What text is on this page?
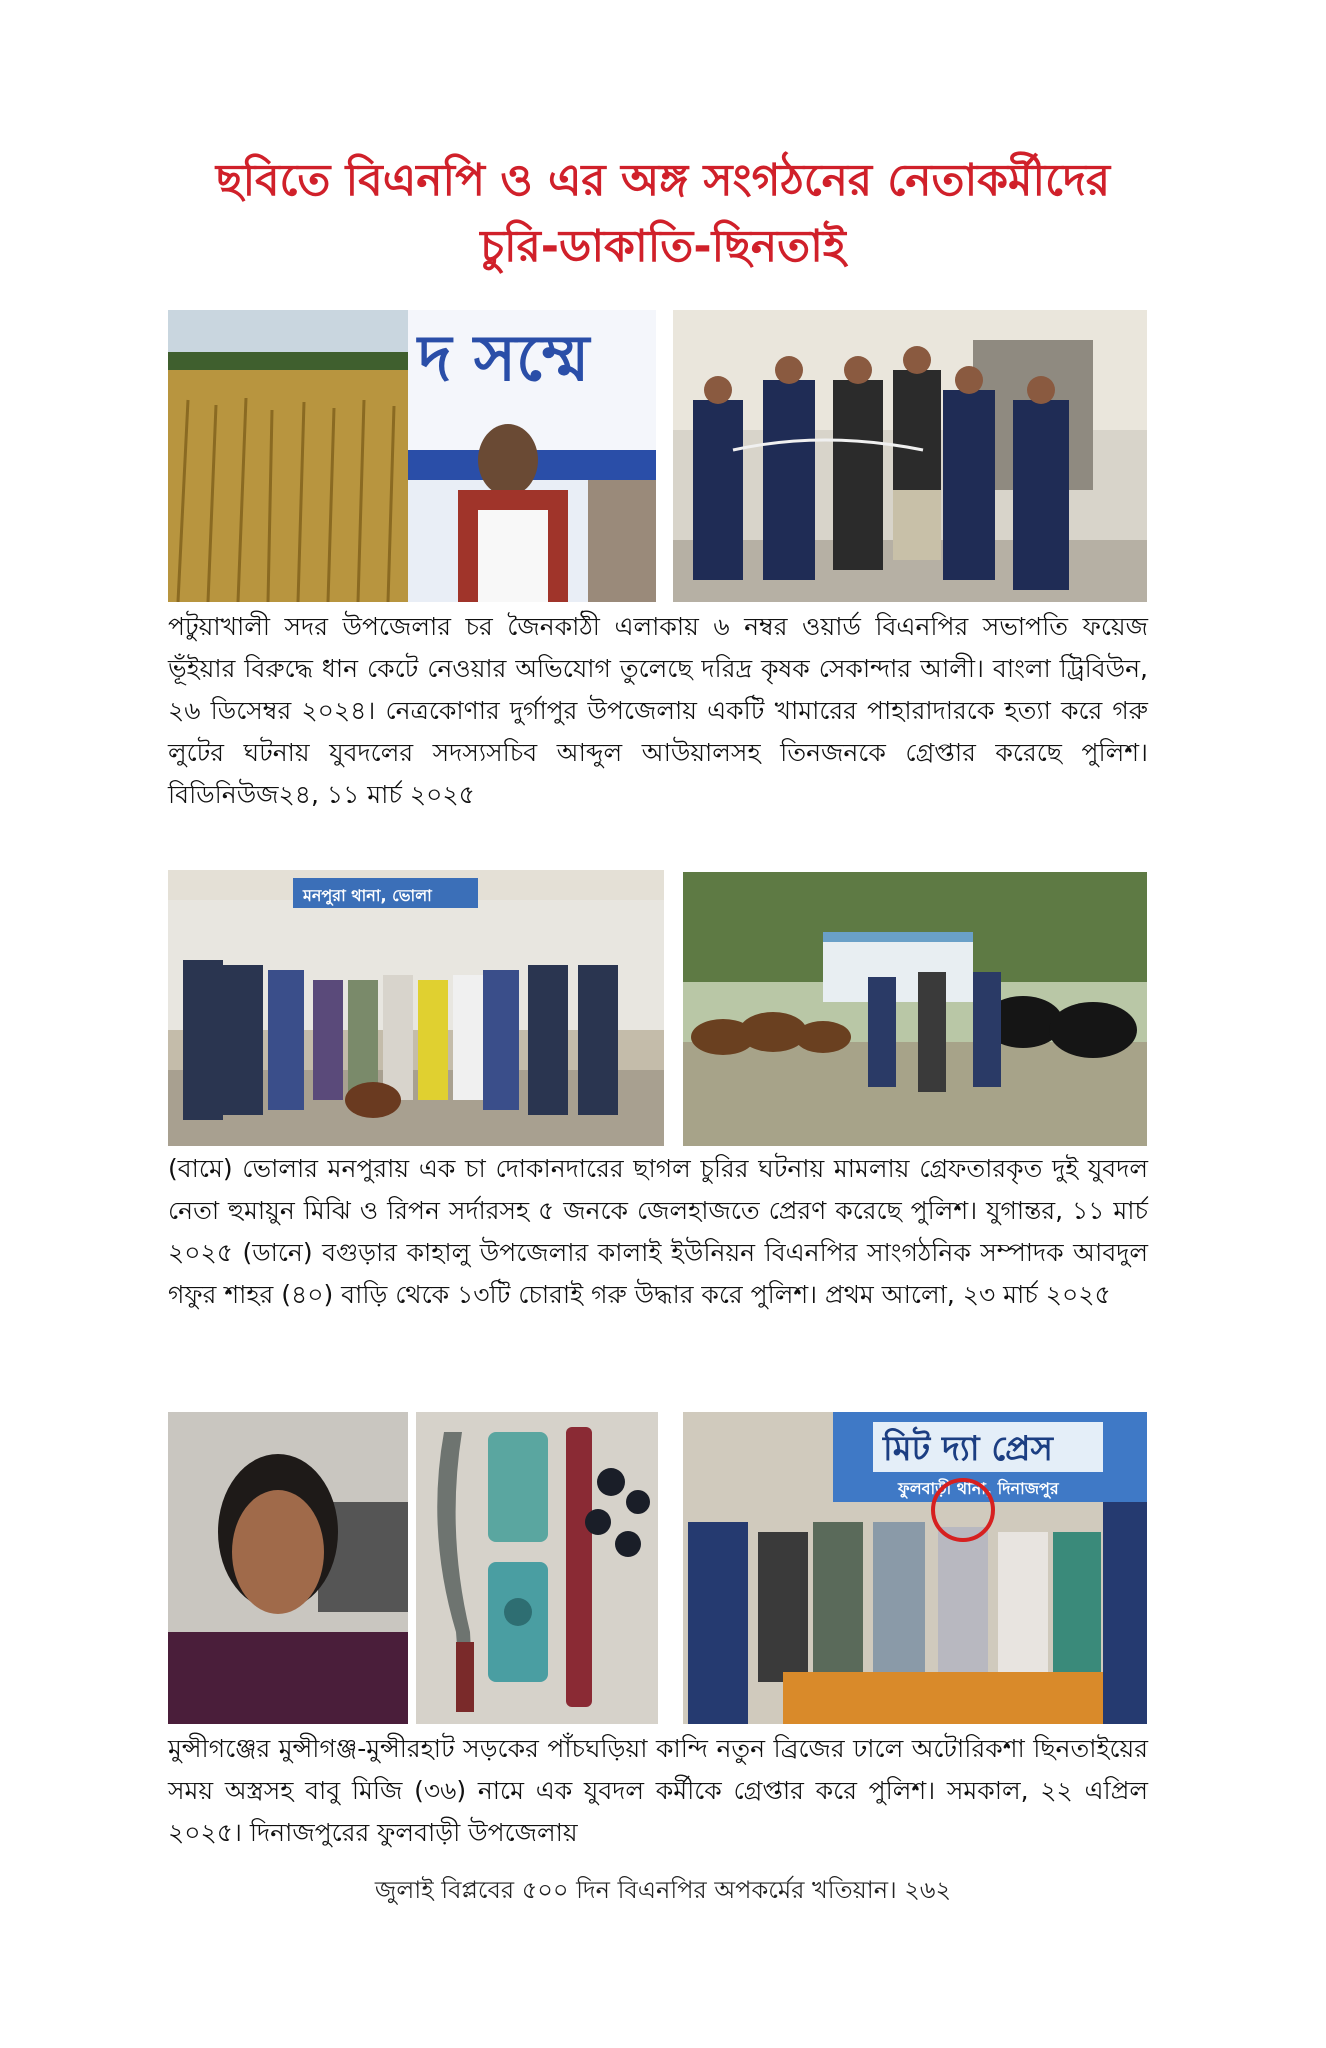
ছবিতে বিএনপি ও এর অঙ্গ সংগঠনের নেতাকর্মীদের
চুরি-ডাকাতি-ছিনতাই
দ সম্মে

পটুয়াখালী সদর উপজেলার চর জৈনকাঠী এলাকায় ৬ নম্বর ওয়ার্ড বিএনপির সভাপতি ফয়েজ ভূঁইয়ার বিরুদ্ধে ধান কেটে নেওয়ার অভিযোগ তুলেছে দরিদ্র কৃষক সেকান্দার আলী। বাংলা ট্রিবিউন, ২৬ ডিসেম্বর ২০২৪। নেত্রকোণার দুর্গাপুর উপজেলায় একটি খামারের পাহারাদারকে হত্যা করে গরু লুটের ঘটনায় যুবদলের সদস্যসচিব আব্দুল আউয়ালসহ তিনজনকে গ্রেপ্তার করেছে পুলিশ। বিডিনিউজ২৪, ১১ মার্চ ২০২৫

মনপুরা থানা, ভোলা

(বামে) ভোলার মনপুরায় এক চা দোকানদারের ছাগল চুরির ঘটনায় মামলায় গ্রেফতারকৃত দুই যুবদল নেতা হুমায়ুন মিঝি ও রিপন সর্দারসহ ৫ জনকে জেলহাজতে প্রেরণ করেছে পুলিশ। যুগান্তর, ১১ মার্চ ২০২৫ (ডানে) বগুড়ার কাহালু উপজেলার কালাই ইউনিয়ন বিএনপির সাংগঠনিক সম্পাদক আবদুল গফুর শাহর (৪০) বাড়ি থেকে ১৩টি চোরাই গরু উদ্ধার করে পুলিশ। প্রথম আলো, ২৩ মার্চ ২০২৫

মিট দ্যা প্রেস
ফুলবাড়ী থানা, দিনাজপুর

মুন্সীগঞ্জের মুন্সীগঞ্জ-মুন্সীরহাট সড়কের পাঁচঘড়িয়া কান্দি নতুন ব্রিজের ঢালে অটোরিকশা ছিনতাইয়ের সময় অস্ত্রসহ বাবু মিজি (৩৬) নামে এক যুবদল কর্মীকে গ্রেপ্তার করে পুলিশ। সমকাল, ২২ এপ্রিল ২০২৫। দিনাজপুরের ফুলবাড়ী উপজেলায়

জুলাই বিপ্লবের ৫০০ দিন বিএনপির অপকর্মের খতিয়ান। ২৬২
